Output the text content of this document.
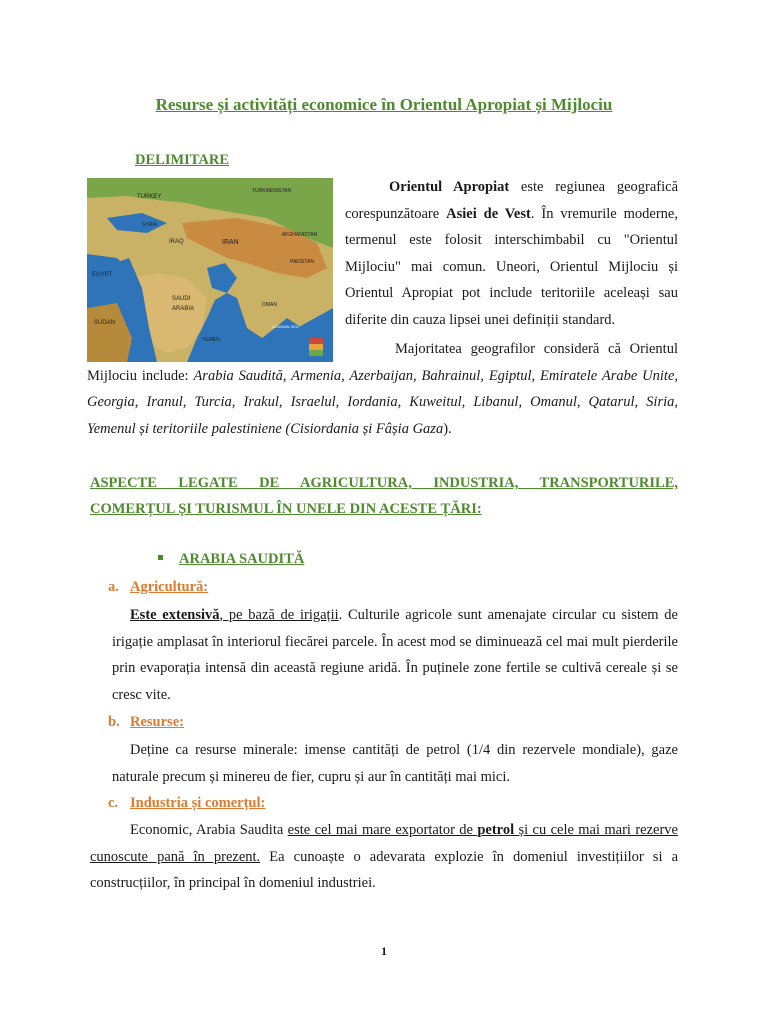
Resurse și activități economice în Orientul Apropiat și Mijlociu
DELIMITARE
TURKEY
TURKMENISTAN
SYRIA
IRAQ	IRAN
AFGHANISTAN
PAKISTAN
EGYPT
SAUDI
ARABIA
SUDAN
OMAN
YEMEN
ARABIAN SEA
Orientul Apropiat este regiunea geografică corespunzătoare Asiei de Vest. În vremurile moderne, termenul este folosit interschimbabil cu "Orientul Mijlociu" mai comun. Uneori, Orientul Mijlociu și Orientul Apropiat pot include teritoriile aceleași sau diferite din cauza lipsei unei definiții standard.
Majoritatea geografilor consideră că Orientul Mijlociu include: Arabia Saudită, Armenia, Azerbaijan, Bahrainul, Egiptul, Emiratele Arabe Unite, Georgia, Iranul, Turcia, Irakul, Israelul, Iordania, Kuweitul, Libanul, Omanul, Qatarul, Siria, Yemenul și teritoriile palestiniene (Cisiordania și Fâșia Gaza).
ASPECTE LEGATE DE AGRICULTURA, INDUSTRIA, TRANSPORTURILE,
COMERȚUL ȘI TURISMUL ÎN UNELE DIN ACESTE ȚĂRI:
ARABIA SAUDITĂ
a. Agricultură:
Este extensivă, pe bază de irigații. Culturile agricole sunt amenajate circular cu sistem de irigație amplasat în interiorul fiecărei parcele. În acest mod se diminuează cel mai mult pierderile prin evaporația intensă din această regiune aridă. În puținele zone fertile se cultivă cereale și se cresc vite.
b. Resurse:
Deține ca resurse minerale: imense cantități de petrol (1/4 din rezervele mondiale), gaze naturale precum și minereu de fier, cupru și aur în cantități mai mici.
c. Industria și comerțul:
Economic, Arabia Saudita este cel mai mare exportator de petrol și cu cele mai mari rezerve cunoscute pană în prezent. Ea cunoaște o adevarata explozie în domeniul investițiilor si a construcțiilor, în principal în domeniul industriei.
1
